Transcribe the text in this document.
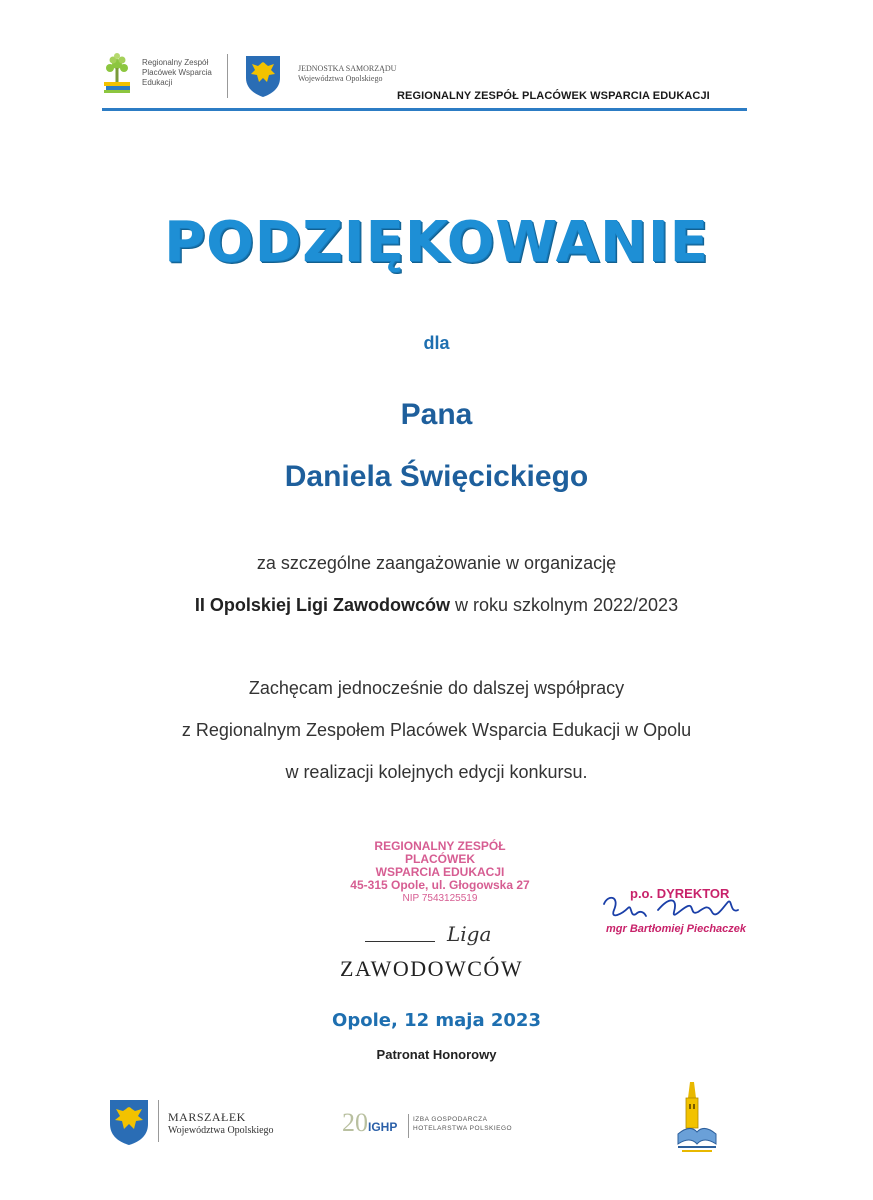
Regionalny Zespół
Placówek Wsparcia
Edukacji
JEDNOSTKA SAMORZĄDU
Województwa Opolskiego
REGIONALNY ZESPÓŁ PLACÓWEK WSPARCIA EDUKACJI
PODZIĘKOWANIE
dla
Pana
Daniela Święcickiego
za szczególne zaangażowanie w organizację
II Opolskiej Ligi Zawodowców w roku szkolnym 2022/2023
Zachęcam jednocześnie do dalszej współpracy
z Regionalnym Zespołem Placówek Wsparcia Edukacji w Opolu
w realizacji kolejnych edycji konkursu.
REGIONALNY ZESPÓŁ PLACÓWEK
WSPARCIA EDUKACJI
45-315 Opole, ul. Głogowska 27
NIP 7543125519	p.o. DYREKTOR
mgr Bartłomiej Piechaczek
Liga
ZAWODOWCÓW
Opole, 12 maja 2023
Patronat Honorowy
MARSZAŁEK
Województwa Opolskiego	20 IGHP
IZBA GOSPODARCZA
HOTELARSTWA POLSKIEGO
